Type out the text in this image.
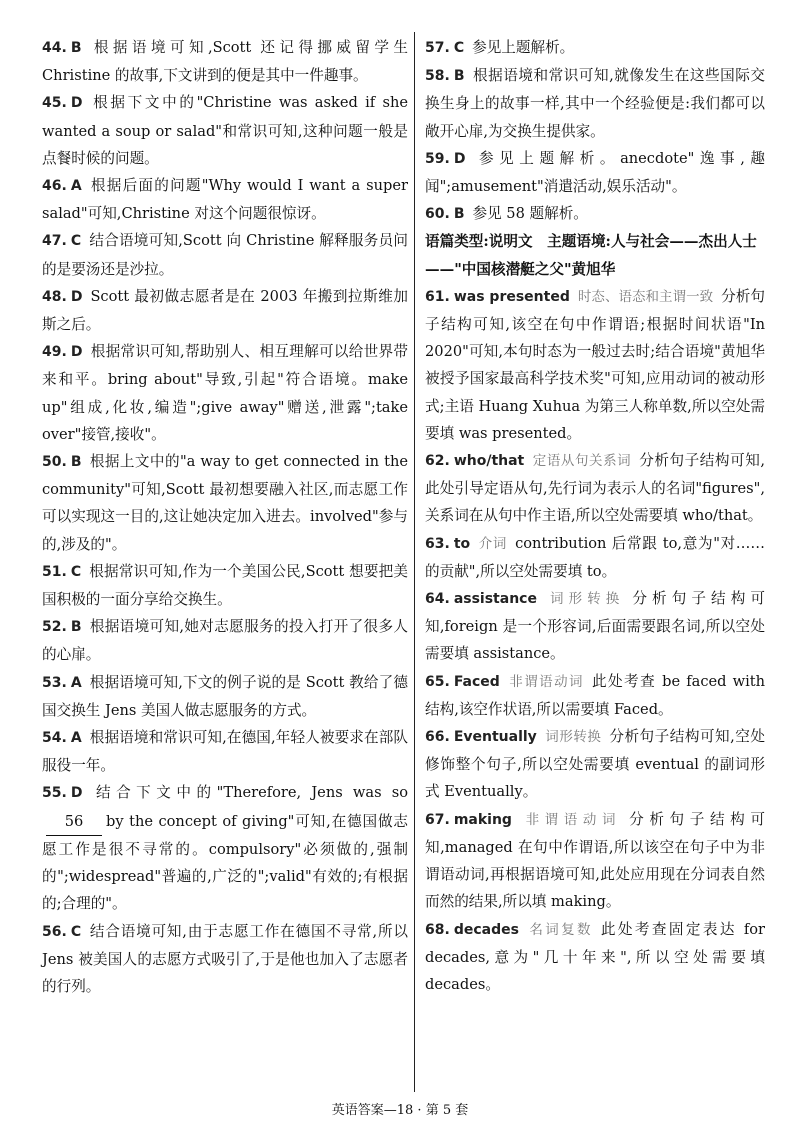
44. B 根据语境可知,Scott 还记得挪威留学生 Christine 的故事,下文讲到的便是其中一件趣事。

45. D 根据下文中的"Christine was asked if she wanted a soup or salad"和常识可知,这种问题一般是点餐时候的问题。

46. A 根据后面的问题"Why would I want a super salad"可知,Christine 对这个问题很惊讶。

47. C 结合语境可知,Scott 向 Christine 解释服务员问的是要汤还是沙拉。

48. D Scott 最初做志愿者是在 2003 年搬到拉斯维加斯之后。

49. D 根据常识可知,帮助别人、相互理解可以给世界带来和平。bring about"导致,引起"符合语境。make up"组成,化妆,编造";give away"赠送,泄露";take over"接管,接收"。

50. B 根据上文中的"a way to get connected in the community"可知,Scott 最初想要融入社区,而志愿工作可以实现这一目的,这让她决定加入进去。involved"参与的,涉及的"。

51. C 根据常识可知,作为一个美国公民,Scott 想要把美国积极的一面分享给交换生。

52. B 根据语境可知,她对志愿服务的投入打开了很多人的心扉。

53. A 根据语境可知,下文的例子说的是 Scott 教给了德国交换生 Jens 美国人做志愿服务的方式。

54. A 根据语境和常识可知,在德国,年轻人被要求在部队服役一年。

55. D 结合下文中的"Therefore, Jens was so 56 by the concept of giving"可知,在德国做志愿工作是很不寻常的。compulsory"必须做的,强制的";widespread"普遍的,广泛的";valid"有效的;有根据的;合理的"。

56. C 结合语境可知,由于志愿工作在德国不寻常,所以 Jens 被美国人的志愿方式吸引了,于是他也加入了志愿者的行列。

57. C 参见上题解析。

58. B 根据语境和常识可知,就像发生在这些国际交换生身上的故事一样,其中一个经验便是:我们都可以敞开心扉,为交换生提供家。

59. D 参见上题解析。anecdote"逸事,趣闻";amusement"消遣活动,娱乐活动"。

60. B 参见 58 题解析。

语篇类型:说明文　 主题语境:人与社会——杰出人士——"中国核潜艇之父"黄旭华

61. was presented 时态、语态和主谓一致 分析句子结构可知,该空在句中作谓语;根据时间状语"In 2020"可知,本句时态为一般过去时;结合语境"黄旭华被授予国家最高科学技术奖"可知,应用动词的被动形式;主语 Huang Xuhua 为第三人称单数,所以空处需要填 was presented。

62. who/that 定语从句关系词 分析句子结构可知,此处引导定语从句,先行词为表示人的名词"figures",关系词在从句中作主语,所以空处需要填 who/that。

63. to 介词 contribution 后常跟 to,意为"对……的贡献",所以空处需要填 to。

64. assistance 词形转换 分析句子结构可知,foreign 是一个形容词,后面需要跟名词,所以空处需要填 assistance。

65. Faced 非谓语动词 此处考查 be faced with 结构,该空作状语,所以需要填 Faced。

66. Eventually 词形转换 分析句子结构可知,空处修饰整个句子,所以空处需要填 eventual 的副词形式 Eventually。

67. making 非谓语动词 分析句子结构可知,managed 在句中作谓语,所以该空在句子中为非谓语动词,再根据语境可知,此处应用现在分词表自然而然的结果,所以填 making。

68. decades 名词复数 此处考查固定表达 for decades,意为"几十年来",所以空处需要填 decades。

英语答案—18 · 第 5 套
